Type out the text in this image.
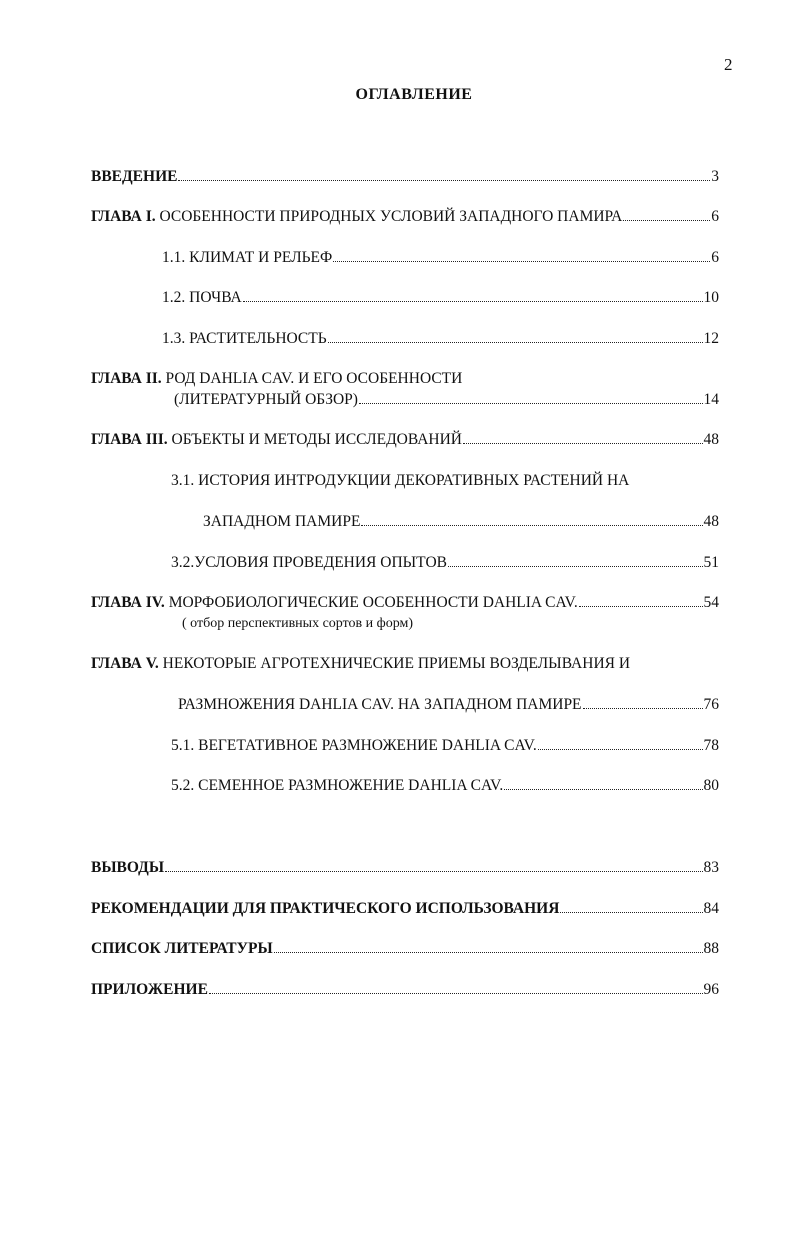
2
ОГЛАВЛЕНИЕ
ВВЕДЕНИЕ	3
ГЛАВА I. ОСОБЕННОСТИ ПРИРОДНЫХ УСЛОВИЙ ЗАПАДНОГО ПАМИРА	6
1.1. КЛИМАТ И РЕЛЬЕФ	6
1.2. ПОЧВА	10
1.3. РАСТИТЕЛЬНОСТЬ	12
ГЛАВА II. РОД DAHLIA CAV. И ЕГО ОСОБЕННОСТИ
(ЛИТЕРАТУРНЫЙ ОБЗОР)	14
ГЛАВА III. ОБЪЕКТЫ И МЕТОДЫ ИССЛЕДОВАНИЙ	48
3.1. ИСТОРИЯ ИНТРОДУКЦИИ ДЕКОРАТИВНЫХ РАСТЕНИЙ НА
ЗАПАДНОМ ПАМИРЕ	48
3.2.УСЛОВИЯ ПРОВЕДЕНИЯ ОПЫТОВ	51
ГЛАВА IV. МОРФОБИОЛОГИЧЕСКИЕ ОСОБЕННОСТИ DAHLIA CAV.	54
( отбор перспективных сортов и форм)
ГЛАВА V. НЕКОТОРЫЕ АГРОТЕХНИЧЕСКИЕ ПРИЕМЫ ВОЗДЕЛЫВАНИЯ И
РАЗМНОЖЕНИЯ DAHLIA CAV. НА ЗАПАДНОМ ПАМИРЕ	76
5.1. ВЕГЕТАТИВНОЕ РАЗМНОЖЕНИЕ DAHLIA CAV.	78
5.2. СЕМЕННОЕ РАЗМНОЖЕНИЕ DAHLIA CAV.	80
ВЫВОДЫ	83
РЕКОМЕНДАЦИИ ДЛЯ ПРАКТИЧЕСКОГО ИСПОЛЬЗОВАНИЯ	84
СПИСОК ЛИТЕРАТУРЫ	88
ПРИЛОЖЕНИЕ	96
